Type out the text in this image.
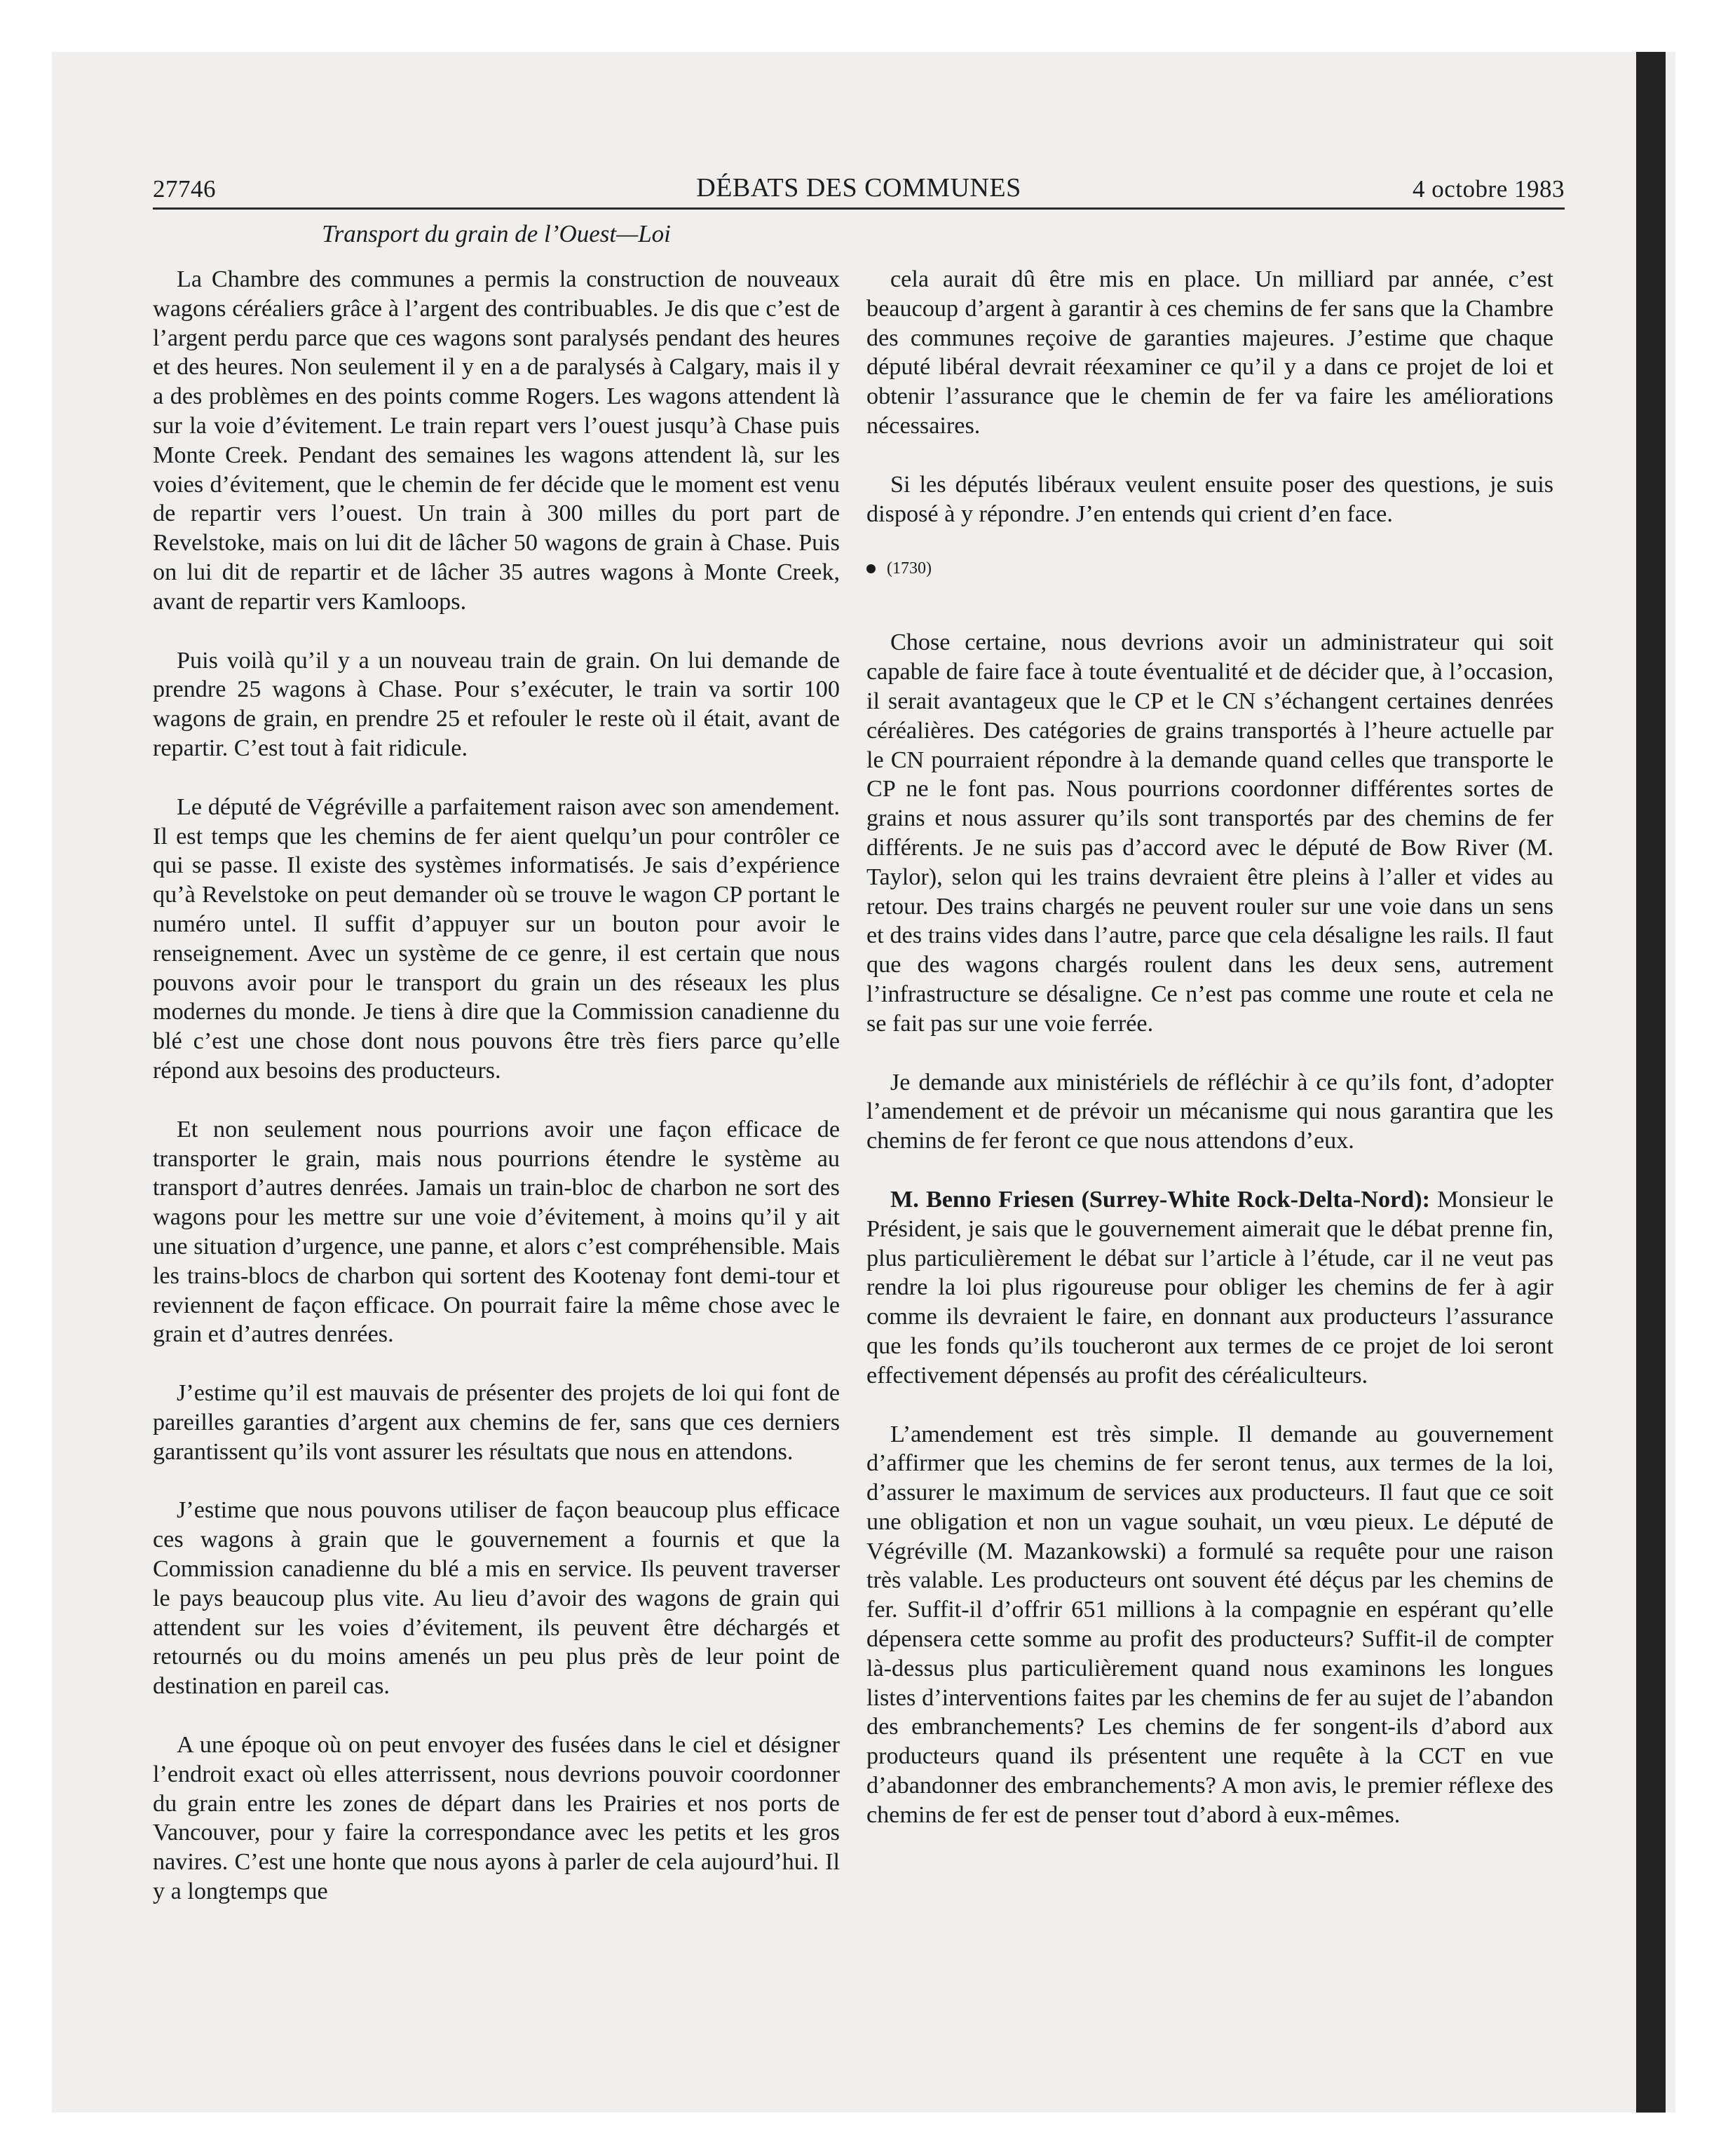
27746	DÉBATS DES COMMUNES	4 octobre 1983
Transport du grain de l’Ouest—Loi

La Chambre des communes a permis la construction de nouveaux wagons céréaliers grâce à l’argent des contribuables. Je dis que c’est de l’argent perdu parce que ces wagons sont paralysés pendant des heures et des heures. Non seulement il y en a de paralysés à Calgary, mais il y a des problèmes en des points comme Rogers. Les wagons attendent là sur la voie d’évitement. Le train repart vers l’ouest jusqu’à Chase puis Monte Creek. Pendant des semaines les wagons attendent là, sur les voies d’évitement, que le chemin de fer décide que le moment est venu de repartir vers l’ouest. Un train à 300 milles du port part de Revelstoke, mais on lui dit de lâcher 50 wagons de grain à Chase. Puis on lui dit de repartir et de lâcher 35 autres wagons à Monte Creek, avant de repartir vers Kamloops.

Puis voilà qu’il y a un nouveau train de grain. On lui demande de prendre 25 wagons à Chase. Pour s’exécuter, le train va sortir 100 wagons de grain, en prendre 25 et refouler le reste où il était, avant de repartir. C’est tout à fait ridicule.

Le député de Végréville a parfaitement raison avec son amendement. Il est temps que les chemins de fer aient quelqu’un pour contrôler ce qui se passe. Il existe des systèmes informatisés. Je sais d’expérience qu’à Revelstoke on peut demander où se trouve le wagon CP portant le numéro untel. Il suffit d’appuyer sur un bouton pour avoir le renseignement. Avec un système de ce genre, il est certain que nous pouvons avoir pour le transport du grain un des réseaux les plus modernes du monde. Je tiens à dire que la Commission canadienne du blé c’est une chose dont nous pouvons être très fiers parce qu’elle répond aux besoins des producteurs.

Et non seulement nous pourrions avoir une façon efficace de transporter le grain, mais nous pourrions étendre le système au transport d’autres denrées. Jamais un train-bloc de charbon ne sort des wagons pour les mettre sur une voie d’évitement, à moins qu’il y ait une situation d’urgence, une panne, et alors c’est compréhensible. Mais les trains-blocs de charbon qui sortent des Kootenay font demi-tour et reviennent de façon efficace. On pourrait faire la même chose avec le grain et d’autres denrées.

J’estime qu’il est mauvais de présenter des projets de loi qui font de pareilles garanties d’argent aux chemins de fer, sans que ces derniers garantissent qu’ils vont assurer les résultats que nous en attendons.

J’estime que nous pouvons utiliser de façon beaucoup plus efficace ces wagons à grain que le gouvernement a fournis et que la Commission canadienne du blé a mis en service. Ils peuvent traverser le pays beaucoup plus vite. Au lieu d’avoir des wagons de grain qui attendent sur les voies d’évitement, ils peuvent être déchargés et retournés ou du moins amenés un peu plus près de leur point de destination en pareil cas.

A une époque où on peut envoyer des fusées dans le ciel et désigner l’endroit exact où elles atterrissent, nous devrions pouvoir coordonner du grain entre les zones de départ dans les Prairies et nos ports de Vancouver, pour y faire la correspondance avec les petits et les gros navires. C’est une honte que nous ayons à parler de cela aujourd’hui. Il y a longtemps que

cela aurait dû être mis en place. Un milliard par année, c’est beaucoup d’argent à garantir à ces chemins de fer sans que la Chambre des communes reçoive de garanties majeures. J’estime que chaque député libéral devrait réexaminer ce qu’il y a dans ce projet de loi et obtenir l’assurance que le chemin de fer va faire les améliorations nécessaires.

Si les députés libéraux veulent ensuite poser des questions, je suis disposé à y répondre. J’en entends qui crient d’en face.

(1730)

Chose certaine, nous devrions avoir un administrateur qui soit capable de faire face à toute éventualité et de décider que, à l’occasion, il serait avantageux que le CP et le CN s’échangent certaines denrées céréalières. Des catégories de grains transportés à l’heure actuelle par le CN pourraient répondre à la demande quand celles que transporte le CP ne le font pas. Nous pourrions coordonner différentes sortes de grains et nous assurer qu’ils sont transportés par des chemins de fer différents. Je ne suis pas d’accord avec le député de Bow River (M. Taylor), selon qui les trains devraient être pleins à l’aller et vides au retour. Des trains chargés ne peuvent rouler sur une voie dans un sens et des trains vides dans l’autre, parce que cela désaligne les rails. Il faut que des wagons chargés roulent dans les deux sens, autrement l’infrastructure se désaligne. Ce n’est pas comme une route et cela ne se fait pas sur une voie ferrée.

Je demande aux ministériels de réfléchir à ce qu’ils font, d’adopter l’amendement et de prévoir un mécanisme qui nous garantira que les chemins de fer feront ce que nous attendons d’eux.

M. Benno Friesen (Surrey-White Rock-Delta-Nord): Monsieur le Président, je sais que le gouvernement aimerait que le débat prenne fin, plus particulièrement le débat sur l’article à l’étude, car il ne veut pas rendre la loi plus rigoureuse pour obliger les chemins de fer à agir comme ils devraient le faire, en donnant aux producteurs l’assurance que les fonds qu’ils toucheront aux termes de ce projet de loi seront effectivement dépensés au profit des céréaliculteurs.

L’amendement est très simple. Il demande au gouvernement d’affirmer que les chemins de fer seront tenus, aux termes de la loi, d’assurer le maximum de services aux producteurs. Il faut que ce soit une obligation et non un vague souhait, un vœu pieux. Le député de Végréville (M. Mazankowski) a formulé sa requête pour une raison très valable. Les producteurs ont souvent été déçus par les chemins de fer. Suffit-il d’offrir 651 millions à la compagnie en espérant qu’elle dépensera cette somme au profit des producteurs? Suffit-il de compter là-dessus plus particulièrement quand nous examinons les longues listes d’interventions faites par les chemins de fer au sujet de l’abandon des embranchements? Les chemins de fer songent-ils d’abord aux producteurs quand ils présentent une requête à la CCT en vue d’abandonner des embranchements? A mon avis, le premier réflexe des chemins de fer est de penser tout d’abord à eux-mêmes.
